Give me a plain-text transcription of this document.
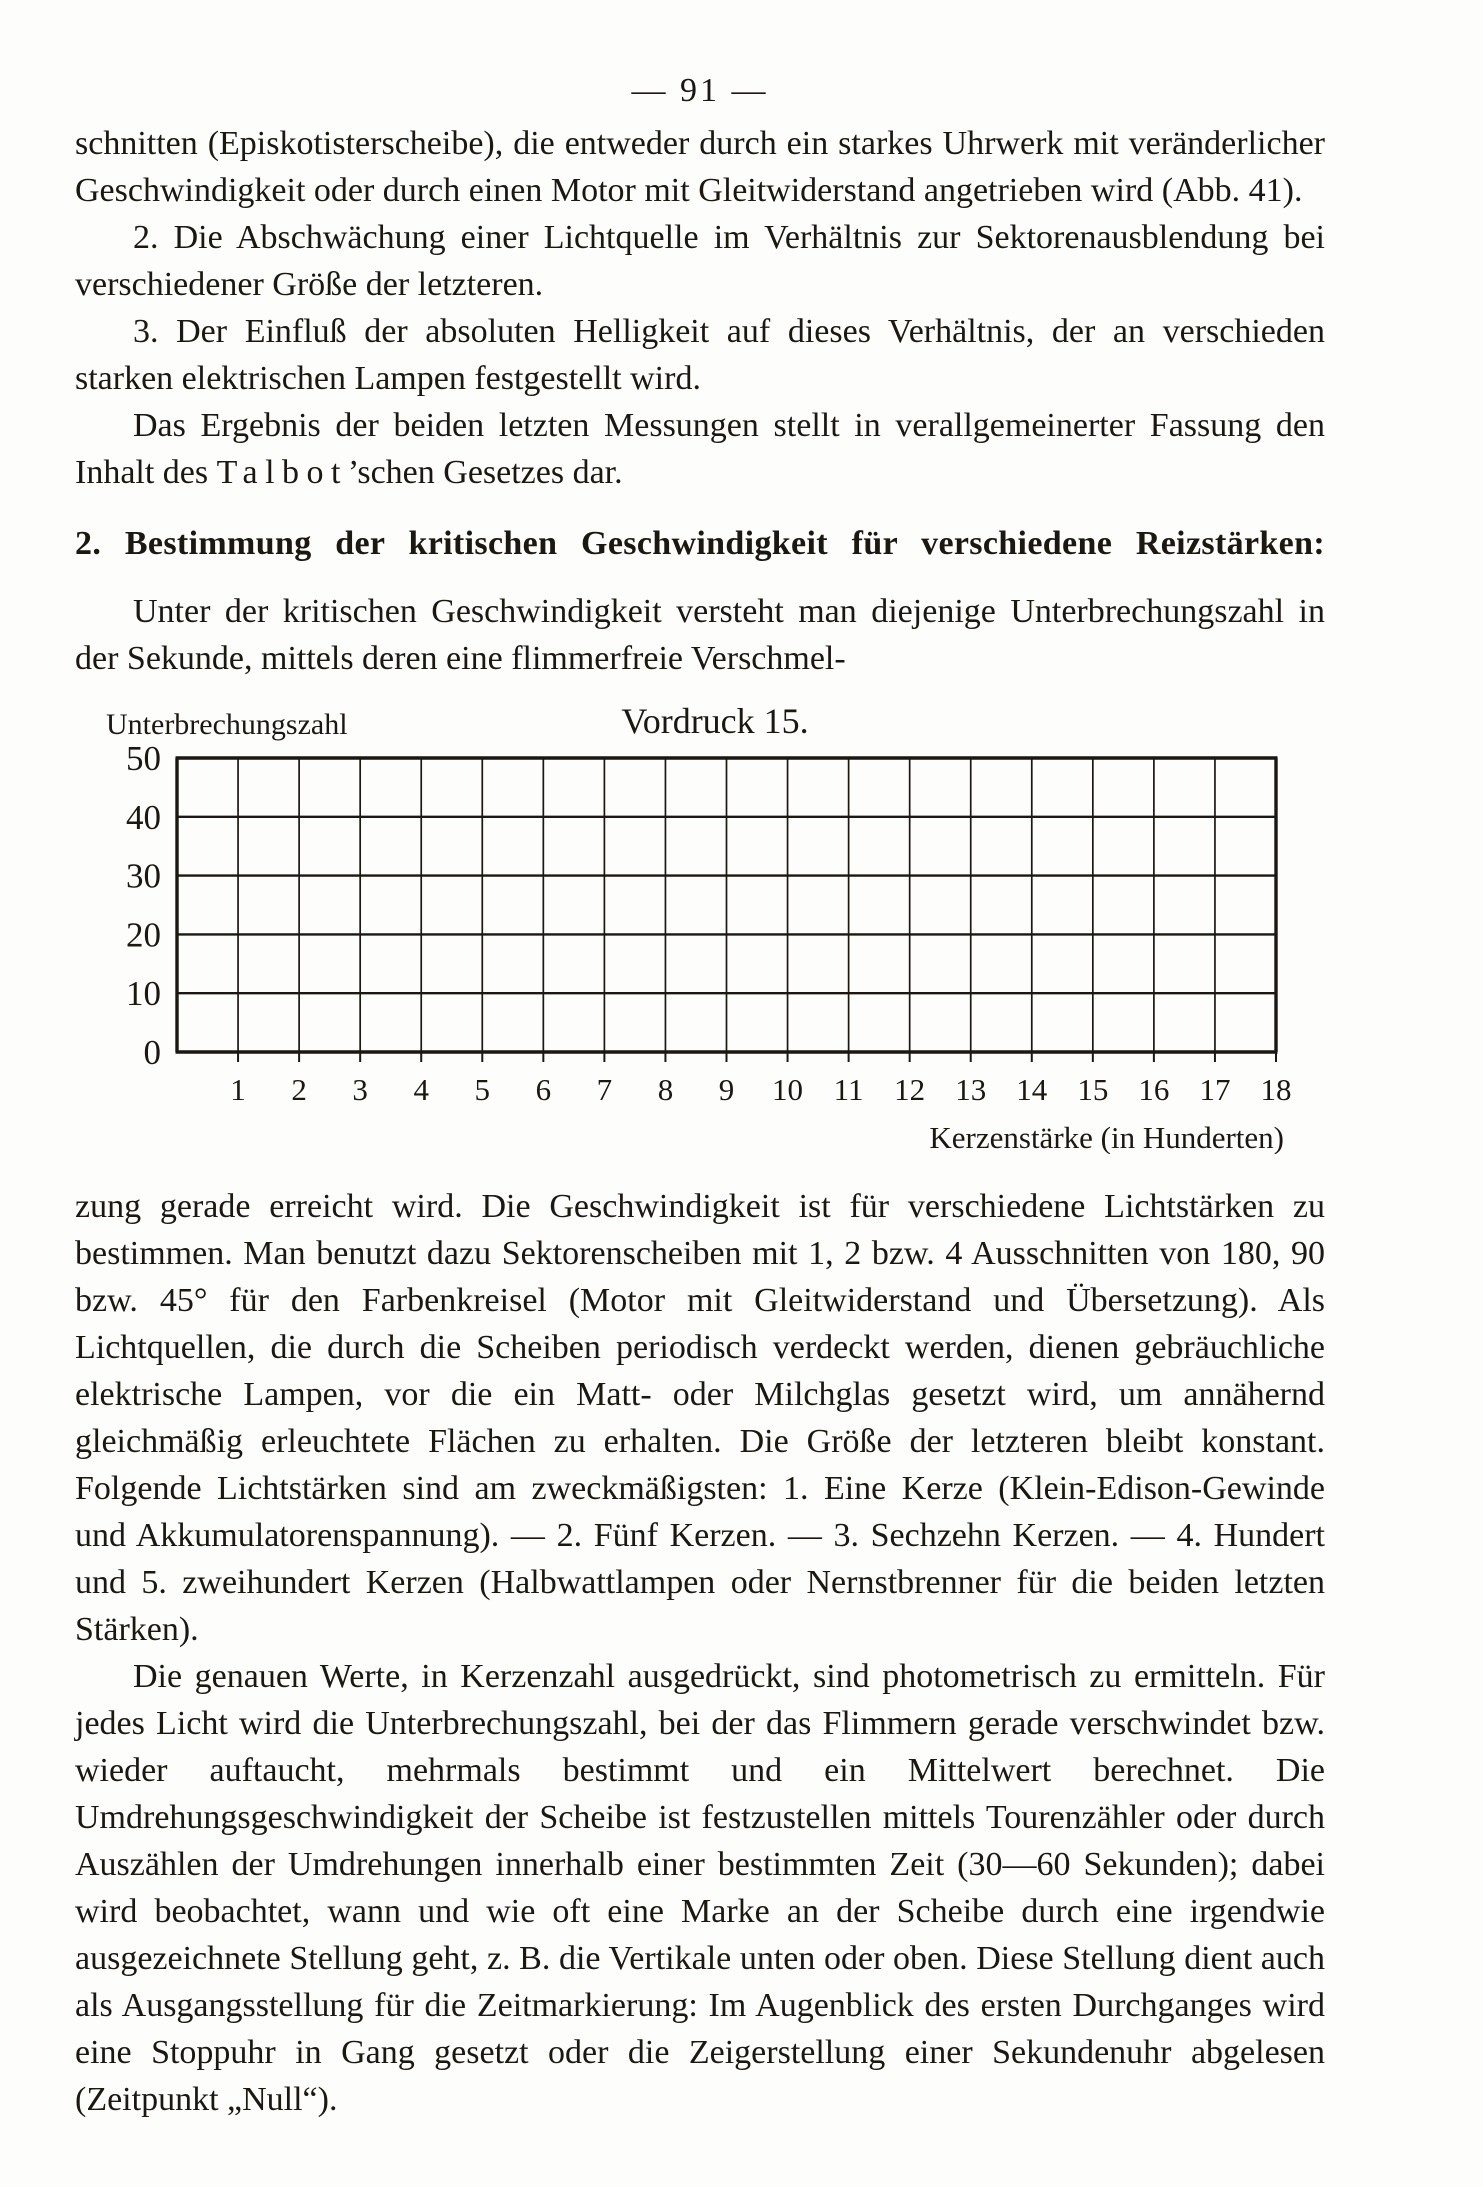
— 91 —

schnitten (Episkotisterscheibe), die entweder durch ein starkes Uhrwerk mit veränderlicher Geschwindigkeit oder durch einen Motor mit Gleitwiderstand angetrieben wird (Abb. 41).

2. Die Abschwächung einer Lichtquelle im Verhältnis zur Sektorenausblendung bei verschiedener Größe der letzteren.

3. Der Einfluß der absoluten Helligkeit auf dieses Verhältnis, der an verschieden starken elektrischen Lampen festgestellt wird.

Das Ergebnis der beiden letzten Messungen stellt in verallgemeinerter Fassung den Inhalt des Talbot’schen Gesetzes dar.

2. Bestimmung der kritischen Geschwindigkeit für verschiedene Reizstärken:

Unter der kritischen Geschwindigkeit versteht man diejenige Unterbrechungszahl in der Sekunde, mittels deren eine flimmerfreie Verschmel-

Unterbrechungszahl	Vordruck 15.
0
10
20
30
40
50
1 2 3 4 5 6 7 8 9 10 11 12 13 14 15 16 17 18
Kerzenstärke (in Hunderten)

zung gerade erreicht wird. Die Geschwindigkeit ist für verschiedene Lichtstärken zu bestimmen. Man benutzt dazu Sektorenscheiben mit 1, 2 bzw. 4 Ausschnitten von 180, 90 bzw. 45° für den Farbenkreisel (Motor mit Gleitwiderstand und Übersetzung). Als Lichtquellen, die durch die Scheiben periodisch verdeckt werden, dienen gebräuchliche elektrische Lampen, vor die ein Matt- oder Milchglas gesetzt wird, um annähernd gleichmäßig erleuchtete Flächen zu erhalten. Die Größe der letzteren bleibt konstant. Folgende Lichtstärken sind am zweckmäßigsten: 1. Eine Kerze (Klein-Edison-Gewinde und Akkumulatorenspannung). — 2. Fünf Kerzen. — 3. Sechzehn Kerzen. — 4. Hundert und 5. zweihundert Kerzen (Halbwattlampen oder Nernstbrenner für die beiden letzten Stärken).

Die genauen Werte, in Kerzenzahl ausgedrückt, sind photometrisch zu ermitteln. Für jedes Licht wird die Unterbrechungszahl, bei der das Flimmern gerade verschwindet bzw. wieder auftaucht, mehrmals bestimmt und ein Mittelwert berechnet. Die Umdrehungsgeschwindigkeit der Scheibe ist festzustellen mittels Tourenzähler oder durch Auszählen der Umdrehungen innerhalb einer bestimmten Zeit (30—60 Sekunden); dabei wird beobachtet, wann und wie oft eine Marke an der Scheibe durch eine irgendwie ausgezeichnete Stellung geht, z. B. die Vertikale unten oder oben. Diese Stellung dient auch als Ausgangsstellung für die Zeitmarkierung: Im Augenblick des ersten Durchganges wird eine Stoppuhr in Gang gesetzt oder die Zeigerstellung einer Sekundenuhr abgelesen (Zeitpunkt „Null“).
